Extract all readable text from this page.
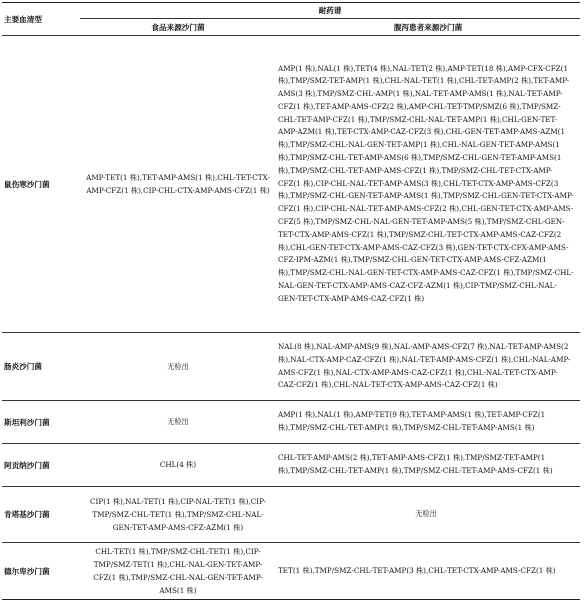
主要血清型	耐药谱	
	食品来源沙门菌	腹泻患者来源沙门菌
鼠伤寒沙门菌	AMP-TET(1 株),TET-AMP-AMS(1 株),CHL-TET-CTX-AMP-CFZ(1 株),CIP-CHL-CTX-AMP-AMS-CFZ(1 株)	AMP(1 株),NAL(1 株),TET(4 株),NAL-TET(2 株),AMP-TET(18 株),AMP-CFX-CFZ(1 株),TMP/SMZ-TET-AMP(1 株),CHL-NAL-TET(1 株),CHL-TET-AMP(2 株),TET-AMP-AMS(3 株),TMP/SMZ-CHL-AMP(1 株),NAL-TET-AMP-AMS(1 株),NAL-TET-AMP-CFZ(1 株),TET-AMP-AMS-CFZ(2 株),AMP-CHL-TET-TMP/SMZ(6 株),TMP/SMZ-CHL-TET-AMP-CFZ(1 株),TMP/SMZ-CHL-NAL-TET-AMP(1 株),CHL-GEN-TET-AMP-AZM(1 株),TET-CTX-AMP-CAZ-CFZ(3 株),CHL-GEN-TET-AMP-AMS-AZM(1 株),TMP/SMZ-CHL-NAL-GEN-TET-AMP(1 株),CHL-NAL-GEN-TET-AMP-AMS(1 株),TMP/SMZ-CHL-TET-AMP-AMS(6 株),TMP/SMZ-CHL-GEN-TET-AMP-AMS(1 株),TMP/SMZ-CHL-TET-AMP-AMS-CFZ(1 株),TMP/SMZ-CHL-TET-CTX-AMP-CFZ(1 株),CIP-CHL-NAL-TET-AMP-AMS(3 株),CHL-TET-CTX-AMP-AMS-CFZ(3 株),TMP/SMZ-CHL-GEN-TET-AMP-AMS(1 株),TMP/SMZ-CHL-GEN-TET-CTX-AMP-CFZ(1 株),CIP-CHL-NAL-TET-AMP-AMS-CFZ(2 株),CHL-GEN-TET-CTX-AMP-AMS-CFZ(5 株),TMP/SMZ-CHL-NAL-GEN-TET-AMP-AMS(5 株),TMP/SMZ-CHL-GEN-TET-CTX-AMP-AMS-CFZ(1 株),TMP/SMZ-CHL-TET-CTX-AMP-AMS-CAZ-CFZ(2 株),CHL-GEN-TET-CTX-AMP-AMS-CAZ-CFZ(3 株),GEN-TET-CTX-CFX-AMP-AMS-CFZ-IPM-AZM(1 株),TMP/SMZ-CHL-GEN-TET-CTX-AMP-AMS-CFZ-AZM(1 株),TMP/SMZ-CHL-NAL-GEN-TET-CTX-AMP-AMS-CAZ-CFZ(1 株),TMP/SMZ-CHL-NAL-GEN-TET-CTX-AMP-AMS-CAZ-CFZ-AZM(1 株),CIP-TMP/SMZ-CHL-NAL-GEN-TET-CTX-AMP-AMS-CAZ-CFZ(1 株)
肠炎沙门菌	无检出	NAL(8 株),NAL-AMP-AMS(9 株),NAL-AMP-AMS-CFZ(7 株),NAL-TET-AMP-AMS(2 株),NAL-CTX-AMP-CAZ-CFZ(1 株),NAL-TET-AMP-AMS-CFZ(1 株),CHL-NAL-AMP-AMS-CFZ(1 株),NAL-CTX-AMP-AMS-CAZ-CFZ(1 株),CHL-NAL-TET-CTX-AMP-CAZ-CFZ(1 株),CHL-NAL-TET-CTX-AMP-AMS-CAZ-CFZ(1 株)
斯坦利沙门菌	无检出	AMP(1 株),NAL(1 株),AMP-TET(9 株),TET-AMP-AMS(1 株),TET-AMP-CFZ(1 株),TMP/SMZ-CHL-TET-AMP(1 株),TMP/SMZ-CHL-TET-AMP-AMS(1 株)
阿贡纳沙门菌	CHL(4 株)	CHL-TET-AMP-AMS(2 株),TET-AMP-AMS-CFZ(1 株),TMP/SMZ-TET-AMP(1 株),TMP/SMZ-CHL-TET-AMP(1 株),TMP/SMZ-CHL-TET-AMP-AMS-CFZ(1 株)
肯塔基沙门菌	CIP(1 株),NAL-TET(1 株),CIP-NAL-TET(1 株),CIP-TMP/SMZ-CHL-TET(1 株),TMP/SMZ-CHL-NAL-GEN-TET-AMP-AMS-CFZ-AZM(1 株)	无检出
德尔卑沙门菌	CHL-TET(1 株),TMP/SMZ-CHL-TET(1 株),CIP-TMP/SMZ-TET(1 株),CHL-NAL-GEN-TET-AMP-CFZ(1 株),TMP/SMZ-CHL-NAL-GEN-TET-AMP-AMS(1 株)	TET(1 株),TMP/SMZ-CHL-TET-AMP(3 株),CHL-TET-CTX-AMP-AMS-CFZ(1 株)
